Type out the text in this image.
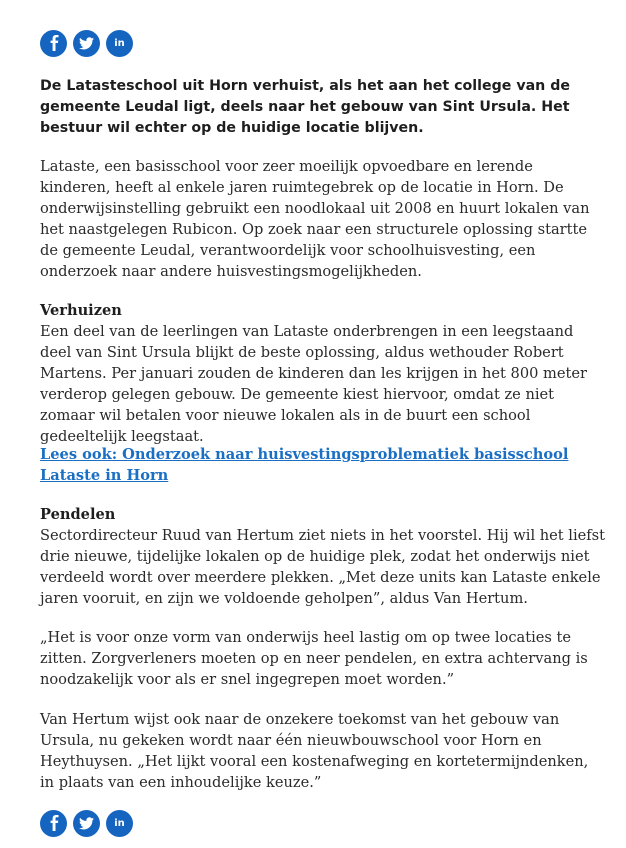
in

De Latasteschool uit Horn verhuist, als het aan het college van de gemeente Leudal ligt, deels naar het gebouw van Sint Ursula. Het bestuur wil echter op de huidige locatie blijven.

Lataste, een basisschool voor zeer moeilijk opvoedbare en lerende kinderen, heeft al enkele jaren ruimtegebrek op de locatie in Horn. De onderwijsinstelling gebruikt een noodlokaal uit 2008 en huurt lokalen van het naastgelegen Rubicon. Op zoek naar een structurele oplossing startte de gemeente Leudal, verantwoordelijk voor schoolhuisvesting, een onderzoek naar andere huisvestingsmogelijkheden.

Verhuizen
Een deel van de leerlingen van Lataste onderbrengen in een leegstaand deel van Sint Ursula blijkt de beste oplossing, aldus wethouder Robert Martens. Per januari zouden de kinderen dan les krijgen in het 800 meter verderop gelegen gebouw. De gemeente kiest hiervoor, omdat ze niet zomaar wil betalen voor nieuwe lokalen als in de buurt een school gedeeltelijk leegstaat.

Lees ook: Onderzoek naar huisvestingsproblematiek basisschool Lataste in Horn

Pendelen
Sectordirecteur Ruud van Hertum ziet niets in het voorstel. Hij wil het liefst drie nieuwe, tijdelijke lokalen op de huidige plek, zodat het onderwijs niet verdeeld wordt over meerdere plekken. „Met deze units kan Lataste enkele jaren vooruit, en zijn we voldoende geholpen”, aldus Van Hertum.

„Het is voor onze vorm van onderwijs heel lastig om op twee locaties te zitten. Zorgverleners moeten op en neer pendelen, en extra achtervang is noodzakelijk voor als er snel ingegrepen moet worden.”

Van Hertum wijst ook naar de onzekere toekomst van het gebouw van Ursula, nu gekeken wordt naar één nieuwbouwschool voor Horn en Heythuysen. „Het lijkt vooral een kostenafweging en kortetermijndenken, in plaats van een inhoudelijke keuze.”

in
